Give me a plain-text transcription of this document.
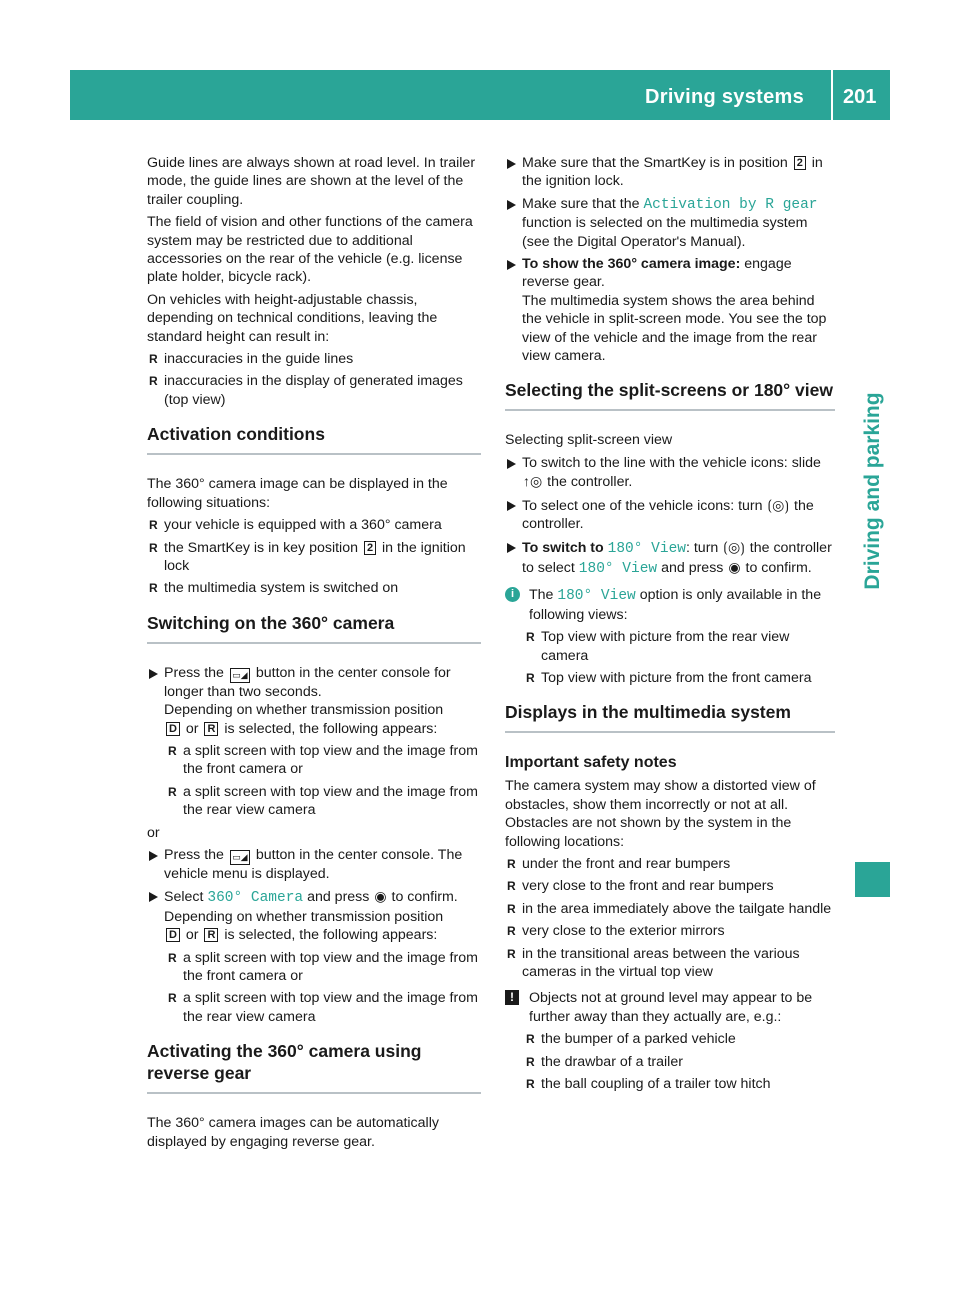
Driving systems 201
Driving and parking

Guide lines are always shown at road level. In trailer mode, the guide lines are shown at the level of the trailer coupling.

The field of vision and other functions of the camera system may be restricted due to additional accessories on the rear of the vehicle (e.g. license plate holder, bicycle rack).

On vehicles with height-adjustable chassis, depending on technical conditions, leaving the standard height can result in:

R inaccuracies in the guide lines
R inaccuracies in the display of generated images (top view)
Activation conditions

The 360° camera image can be displayed in the following situations:

R your vehicle is equipped with a 360° camera
R the SmartKey is in key position 2 in the ignition lock
R the multimedia system is switched on
Switching on the 360° camera
Press the ▭◢ button in the center console for longer than two seconds.
Depending on whether transmission position
D or R is selected, the following appears:
R a split screen with top view and the image from the front camera or
R a split screen with top view and the image from the rear view camera

or

Press the ▭◢ button in the center console. The vehicle menu is displayed.
Select 360° Camera and press ◉ to confirm.
Depending on whether transmission position
D or R is selected, the following appears:
R a split screen with top view and the image from the front camera or
R a split screen with top view and the image from the rear view camera
Activating the 360° camera using reverse gear

The 360° camera images can be automatically displayed by engaging reverse gear.

Make sure that the SmartKey is in position 2 in the ignition lock.
Make sure that the Activation by R gear function is selected on the multimedia system (see the Digital Operator's Manual).
To show the 360° camera image: engage reverse gear.
The multimedia system shows the area behind the vehicle in split-screen mode. You see the top view of the vehicle and the image from the rear view camera.
Selecting the split-screens or 180° view

Selecting split-screen view

To switch to the line with the vehicle icons: slide ↑◎ the controller.
To select one of the vehicle icons: turn ⟮◎⟯ the controller.
To switch to 180° View: turn ⟮◎⟯ the controller to select 180° View and press ◉ to confirm.
i	The 180° View option is only available in the following views:
R Top view with picture from the rear view camera
R Top view with picture from the front camera
Displays in the multimedia system
Important safety notes

The camera system may show a distorted view of obstacles, show them incorrectly or not at all. Obstacles are not shown by the system in the following locations:

R under the front and rear bumpers
R very close to the front and rear bumpers
R in the area immediately above the tailgate handle
R very close to the exterior mirrors
R in the transitional areas between the various cameras in the virtual top view
!	Objects not at ground level may appear to be further away than they actually are, e.g.:
R the bumper of a parked vehicle
R the drawbar of a trailer
R the ball coupling of a trailer tow hitch
